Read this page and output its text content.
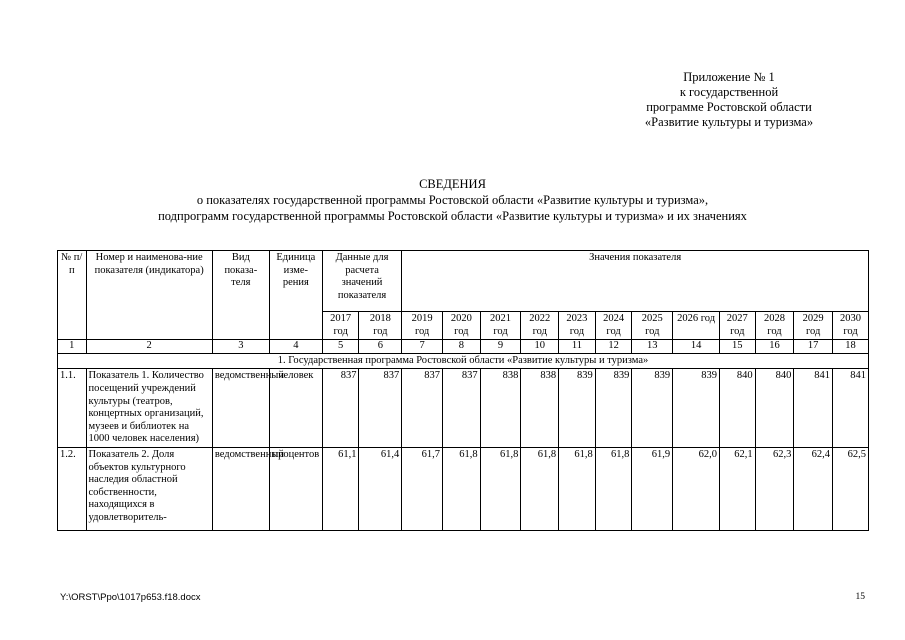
Приложение № 1
к государственной
программе Ростовской области
«Развитие культуры и туризма»
СВЕДЕНИЯ
о показателях государственной программы Ростовской области «Развитие культуры и туризма»,
подпрограмм государственной программы Ростовской области «Развитие культуры и туризма» и их значениях
№ п/п	Номер и наименова-ние показателя (индикатора)	Вид показа-теля	Единица изме-рения	Данные для расчета значений показателя		Значения показателя											
				2017 год	2018 год	2019 год	2020 год	2021 год	2022 год	2023 год	2024 год	2025 год	2026 год	2027 год	2028 год	2029 год	2030 год
1	2	3	4	5	6	7	8	9	10	11	12	13	14	15	16	17	18
1. Государственная программа Ростовской области «Развитие культуры и туризма»																	
1.1.	Показатель 1. Количество посещений учреждений культуры (театров, концертных организаций, музеев и библиотек на 1000 человек населения)	ведомственный	человек	837	837	837	837	838	838	839	839	839	839	840	840	841	841
1.2.	Показатель 2. Доля объектов культурного наследия областной собственности, находящихся в удовлетворитель-	ведомственный	процентов	61,1	61,4	61,7	61,8	61,8	61,8	61,8	61,8	61,9	62,0	62,1	62,3	62,4	62,5
Y:\ORST\Ppo\1017p653.f18.docx	15
